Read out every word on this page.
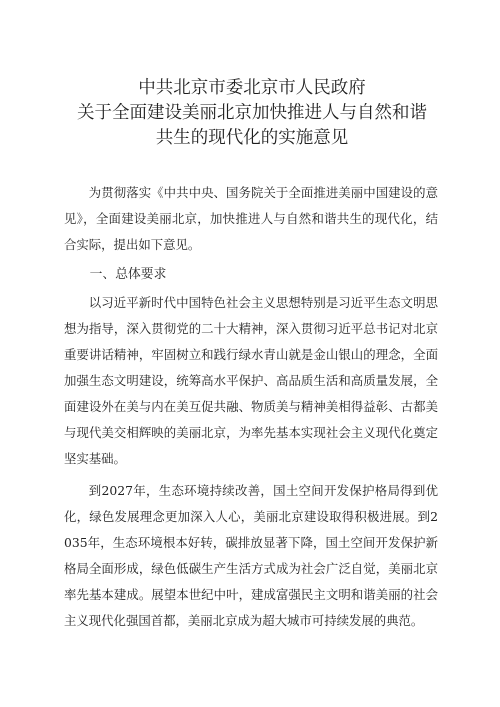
中共北京市委北京市人民政府
关于全面建设美丽北京加快推进人与自然和谐
共生的现代化的实施意见

为贯彻落实《中共中央、国务院关于全面推进美丽中国建设的意见》，全面建设美丽北京，加快推进人与自然和谐共生的现代化，结合实际，提出如下意见。

一、总体要求

以习近平新时代中国特色社会主义思想特别是习近平生态文明思想为指导，深入贯彻党的二十大精神，深入贯彻习近平总书记对北京重要讲话精神，牢固树立和践行绿水青山就是金山银山的理念，全面加强生态文明建设，统筹高水平保护、高品质生活和高质量发展，全面建设外在美与内在美互促共融、物质美与精神美相得益彰、古都美与现代美交相辉映的美丽北京，为率先基本实现社会主义现代化奠定坚实基础。

到2027年，生态环境持续改善，国土空间开发保护格局得到优化，绿色发展理念更加深入人心，美丽北京建设取得积极进展。到2035年，生态环境根本好转，碳排放显著下降，国土空间开发保护新格局全面形成，绿色低碳生产生活方式成为社会广泛自觉，美丽北京率先基本建成。展望本世纪中叶，建成富强民主文明和谐美丽的社会主义现代化强国首都，美丽北京成为超大城市可持续发展的典范。
